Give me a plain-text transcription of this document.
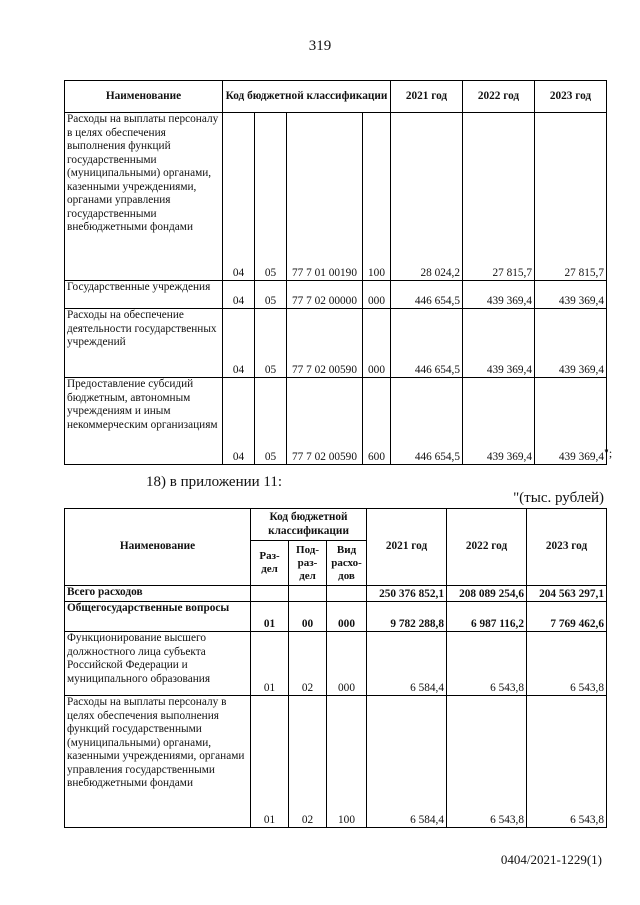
319
Наименование	Код бюджетной классификации				2021 год	2022 год	2023 год
Расходы на выплаты персоналу в целях обеспечения выполнения функций государственными (муниципальными) органами, казенными учреждениями, органами управления государственными внебюджетными фондами	04	05	77 7 01 00190	100	28 024,2	27 815,7	27 815,7
Государственные учреждения	04	05	77 7 02 00000	000	446 654,5	439 369,4	439 369,4
Расходы на обеспечение деятельности государственных учреждений	04	05	77 7 02 00590	000	446 654,5	439 369,4	439 369,4
Предоставление субсидий бюджетным, автономным учреждениям и иным некоммерческим организациям	04	05	77 7 02 00590	600	446 654,5	439 369,4	439 369,4 ";
18) в приложении 11:
"(тыс. рублей)
Наименование	Код бюджетной классификации			2021 год	2022 год	2023 год
	Раз-дел	Под-раз-дел	Вид расхо-дов			
Всего расходов				250 376 852,1	208 089 254,6	204 563 297,1
Общегосударственные вопросы	01	00	000	9 782 288,8	6 987 116,2	7 769 462,6
Функционирование высшего должностного лица субъекта Российской Федерации и муниципального образования	01	02	000	6 584,4	6 543,8	6 543,8
Расходы на выплаты персоналу в целях обеспечения выполнения функций государственными (муниципальными) органами, казенными учреждениями, органами управления государственными внебюджетными фондами	01	02	100	6 584,4	6 543,8	6 543,8
0404/2021-1229(1)
